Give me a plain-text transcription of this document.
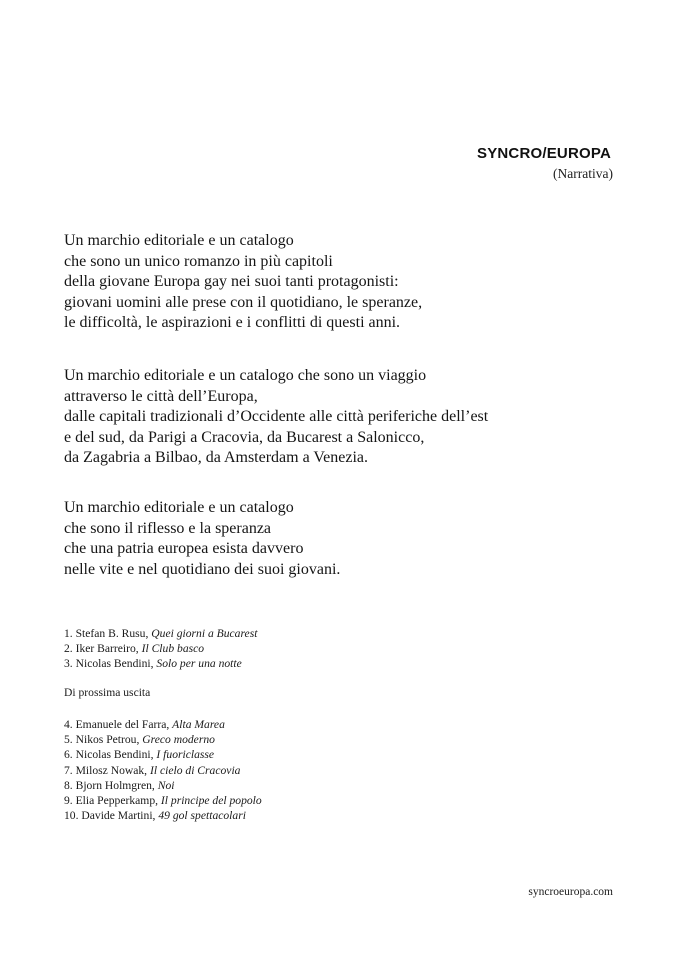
SYNCRO/EUROPA
(Narrativa)
Un marchio editoriale e un catalogo
che sono un unico romanzo in più capitoli
della giovane Europa gay nei suoi tanti protagonisti:
giovani uomini alle prese con il quotidiano, le speranze,
le difficoltà, le aspirazioni e i conflitti di questi anni.
Un marchio editoriale e un catalogo che sono un viaggio
attraverso le città dell’Europa,
dalle capitali tradizionali d’Occidente alle città periferiche dell’est
e del sud, da Parigi a Cracovia, da Bucarest a Salonicco,
da Zagabria a Bilbao, da Amsterdam a Venezia.
Un marchio editoriale e un catalogo
che sono il riflesso e la speranza
che una patria europea esista davvero
nelle vite e nel quotidiano dei suoi giovani.
1. Stefan B. Rusu, Quei giorni a Bucarest
2. Iker Barreiro, Il Club basco
3. Nicolas Bendini, Solo per una notte
Di prossima uscita
4. Emanuele del Farra, Alta Marea
5. Nikos Petrou, Greco moderno
6. Nicolas Bendini, I fuoriclasse
7. Milosz Nowak, Il cielo di Cracovia
8. Bjorn Holmgren, Noi
9. Elia Pepperkamp, Il principe del popolo
10. Davide Martini, 49 gol spettacolari
syncroeuropa.com
